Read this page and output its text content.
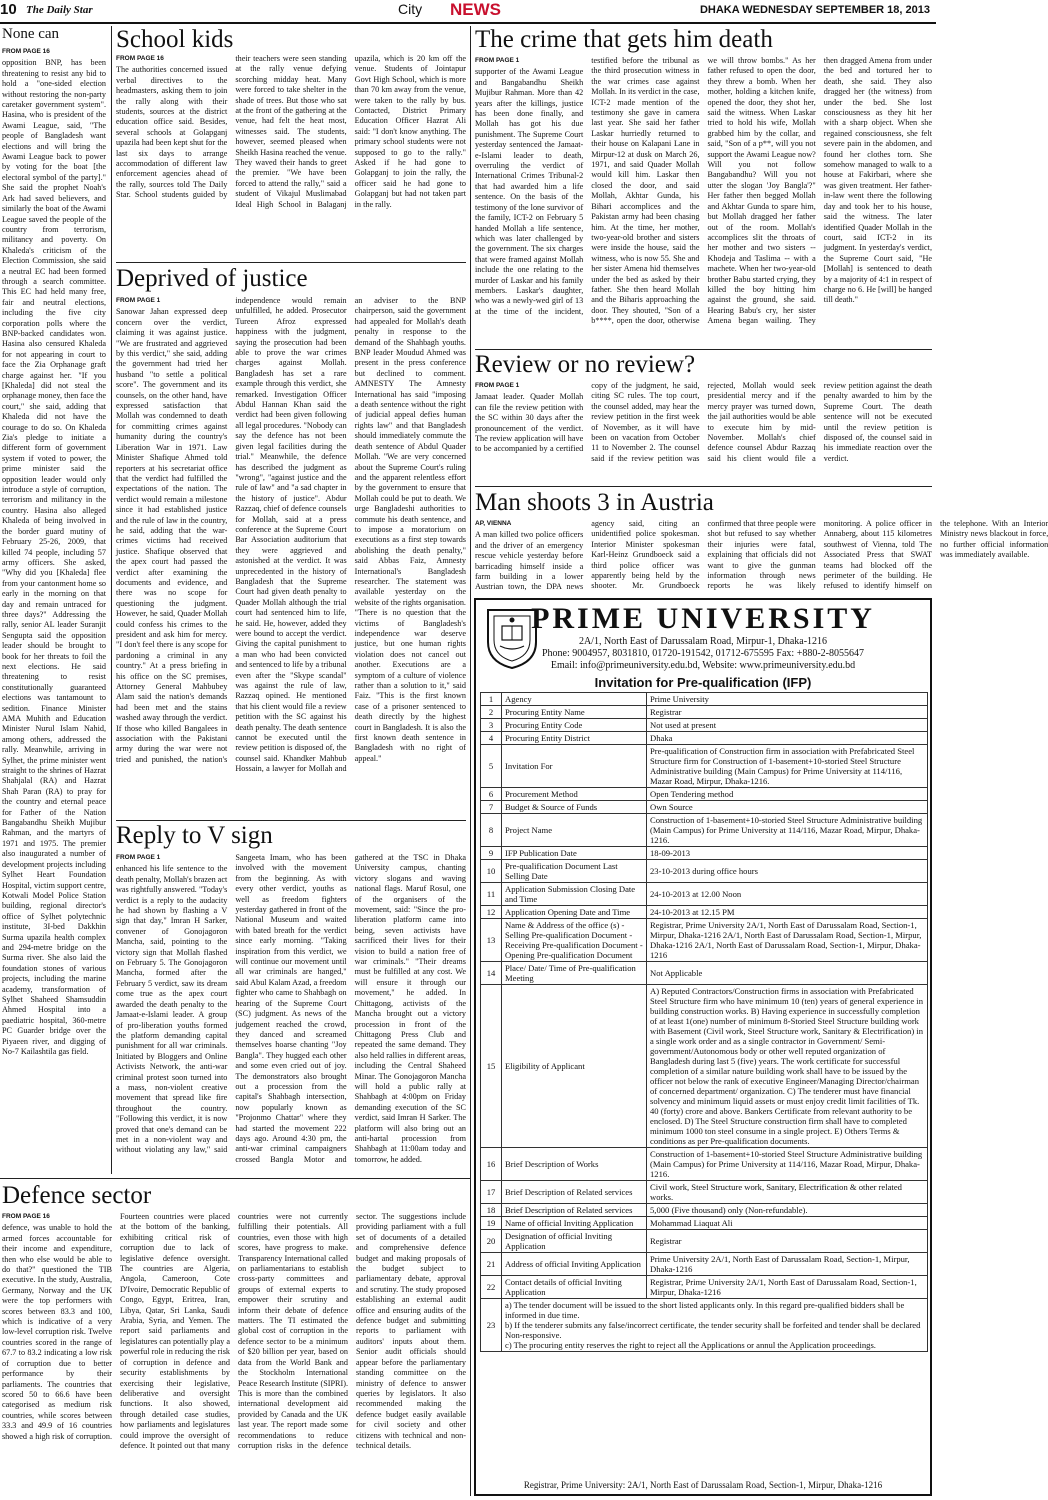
10 The Daily Star	City NEWS	DHAKA WEDNESDAY SEPTEMBER 18, 2013
None can
FROM PAGE 16
opposition BNP, has been threatening to resist any bid to hold a "one-sided election without restoring the non-party caretaker government system". Hasina, who is president of the Awami League, said, "The people of Bangladesh want elections and will bring the Awami League back to power by voting for the boat [the electoral symbol of the party]." She said the prophet Noah's Ark had saved believers, and similarly the boat of the Awami League saved the people of the country from terrorism, militancy and poverty. On Khaleda's criticism of the Election Commission, she said a neutral EC had been formed through a search committee. This EC had held many free, fair and neutral elections, including the five city corporation polls where the BNP-backed candidates won. Hasina also censured Khaleda for not appearing in court to face the Zia Orphanage graft charge against her. "If you [Khaleda] did not steal the orphanage money, then face the court," she said, adding that Khaleda did not have the courage to do so. On Khaleda Zia's pledge to initiate a different form of government system if voted to power, the prime minister said the opposition leader would only introduce a style of corruption, terrorism and militancy in the country. Hasina also alleged Khaleda of being involved in the border guard mutiny of February 25-26, 2009, that killed 74 people, including 57 army officers. She asked, "Why did you [Khaleda] flee from your cantonment home so early in the morning on that day and remain untraced for three days?" Addressing the rally, senior AL leader Suranjit Sengupta said the opposition leader should be brought to book for her threats to foil the next elections. He said threatening to resist constitutionally guaranteed elections was tantamount to sedition. Finance Minister AMA Muhith and Education Minister Nurul Islam Nahid, among others, addressed the rally. Meanwhile, arriving in Sylhet, the prime minister went straight to the shrines of Hazrat Shahjalal (RA) and Hazrat Shah Paran (RA) to pray for the country and eternal peace for Father of the Nation Bangabandhu Sheikh Mujibur Rahman, and the martyrs of 1971 and 1975. The premier also inaugurated a number of development projects including Sylhet Heart Foundation Hospital, victim support centre, Kotwali Model Police Station building, regional director's office of Sylhet polytechnic institute, 3I-bed Dakkhin Surma upazila health complex and 294-metre bridge on the Surma river. She also laid the foundation stones of various projects, including the marine academy, transformation of Sylhet Shaheed Shamsuddin Ahmed Hospital into a paediatric hospital, 360-metre PC Guarder bridge over the Piyaeen river, and digging of No-7 Kailashtila gas field.
School kids
FROM PAGE 16
The authorities concerned issued verbal directives to the headmasters, asking them to join the rally along with their students, sources at the district education office said. Besides, several schools at Golapganj upazila had been kept shut for the last six days to arrange accommodation of different law enforcement agencies ahead of the rally, sources told The Daily Star. School students guided by their teachers were seen standing at the rally venue defying scorching midday heat. Many were forced to take shelter in the shade of trees. But those who sat at the front of the gathering at the venue, had felt the heat most, witnesses said. The students, however, seemed pleased when Sheikh Hasina reached the venue. They waved their hands to greet the premier. "We have been forced to attend the rally," said a student of Vikajul Muslimabad Ideal High School in Balaganj upazila, which is 20 km off the venue. Students of Jointapur Govt High School, which is more than 70 km away from the venue, were taken to the rally by bus. Contacted, District Primary Education Officer Hazrat Ali said: "I don't know anything. The primary school students were not supposed to go to the rally." Asked if he had gone to Golapganj to join the rally, the officer said he had gone to Golapganj but had not taken part in the rally.
Deprived of justice
FROM PAGE 1
Sanowar Jahan expressed deep concern over the verdict, claiming it was against justice. "We are frustrated and aggrieved by this verdict," she said, adding the government had tried her husband "to settle a political score". The government and its counsels, on the other hand, have expressed satisfaction that Mollah was condemned to death for committing crimes against humanity during the country's Liberation War in 1971. Law Minister Shafique Ahmed told reporters at his secretariat office that the verdict had fulfilled the expectations of the nation. The verdict would remain a milestone since it had established justice and the rule of law in the country, he said, adding that the war-crimes victims had received justice. Shafique observed that the apex court had passed the verdict after examining the documents and evidence, and there was no scope for questioning the judgment. However, he said, Quader Mollah could confess his crimes to the president and ask him for mercy. "I don't feel there is any scope for pardoning a criminal in any country." At a press briefing in his office on the SC premises, Attorney General Mahbubey Alam said the nation's demands had been met and the stains washed away through the verdict. If those who killed Bangalees in association with the Pakistani army during the war were not tried and punished, the nation's independence would remain unfulfilled, he added. Prosecutor Tureen Afroz expressed happiness with the judgment, saying the prosecution had been able to prove the war crimes charges against Mollah. Bangladesh has set a rare example through this verdict, she remarked. Investigation Officer Abdul Hannan Khan said the verdict had been given following all legal procedures. "Nobody can say the defence has not been given legal facilities during the trial." Meanwhile, the defence has described the judgment as "wrong", "against justice and the rule of law" and "a sad chapter in the history of justice". Abdur Razzaq, chief of defence counsels for Mollah, said at a press conference at the Supreme Court Bar Association auditorium that they were aggrieved and astonished at the verdict. It was unprecedented in the history of Bangladesh that the Supreme Court had given death penalty to Quader Mollah although the trial court had sentenced him to life, he said. He, however, added they were bound to accept the verdict. Giving the capital punishment to a man who had been convicted and sentenced to life by a tribunal even after the "Skype scandal" was against the rule of law, Razzaq opined. He mentioned that his client would file a review petition with the SC against his death penalty. The death sentence cannot be executed until the review petition is disposed of, the counsel said. Khandker Mahbub Hossain, a lawyer for Mollah and an adviser to the BNP chairperson, said the government had appealed for Mollah's death penalty in response to the demand of the Shahbagh youths. BNP leader Moudud Ahmed was present in the press conference but declined to comment. AMNESTY The Amnesty International has said "imposing a death sentence without the right of judicial appeal defies human rights law" and that Bangladesh should immediately commute the death sentence of Abdul Quader Mollah. "We are very concerned about the Supreme Court's ruling and the apparent relentless effort by the government to ensure that Mollah could be put to death. We urge Bangladeshi authorities to commute his death sentence, and to impose a moratorium on executions as a first step towards abolishing the death penalty," said Abbas Faiz, Amnesty International's Bangladesh researcher. The statement was available yesterday on the website of the rights organisation. "There is no question that the victims of Bangladesh's independence war deserve justice, but one human rights violation does not cancel out another. Executions are a symptom of a culture of violence rather than a solution to it," said Faiz. "This is the first known case of a prisoner sentenced to death directly by the highest court in Bangladesh. It is also the first known death sentence in Bangladesh with no right of appeal."
Reply to V sign
FROM PAGE 1
enhanced his life sentence to the death penalty, Mollah's brazen act was rightfully answered. "Today's verdict is a reply to the audacity he had shown by flashing a V sign that day," Imran H Sarker, convener of Gonojagoron Mancha, said, pointing to the victory sign that Mollah flashed on February 5. The Gonojagoron Mancha, formed after the February 5 verdict, saw its dream come true as the apex court awarded the death penalty to the Jamaat-e-Islami leader. A group of pro-liberation youths formed the platform demanding capital punishment for all war criminals. Initiated by Bloggers and Online Activists Network, the anti-war criminal protest soon turned into a mass, non-violent creative movement that spread like fire throughout the country. "Following this verdict, it is now proved that one's demand can be met in a non-violent way and without violating any law," said Sangeeta Imam, who has been involved with the movement from the beginning. As with every other verdict, youths as well as freedom fighters yesterday gathered in front of the National Museum and waited with bated breath for the verdict since early morning. "Taking inspiration from this verdict, we will continue our movement until all war criminals are hanged," said Abul Kalam Azad, a freedom fighter who came to Shahbagh on hearing of the Supreme Court (SC) judgment. As news of the judgement reached the crowd, they danced and screamed themselves hoarse chanting "Joy Bangla". They hugged each other and some even cried out of joy. The demonstrators also brought out a procession from the capital's Shahbagh intersection, now popularly known as "Projonmo Chattar" where they had started the movement 222 days ago. Around 4:30 pm, the anti-war criminal campaigners crossed Bangla Motor and gathered at the TSC in Dhaka University campus, chanting victory slogans and waving national flags. Maruf Rosul, one of the organisers of the movement, said: "Since the pro-liberation platform came into being, seven activists have sacrificed their lives for their vision to build a nation free of war criminals." "Their dreams must be fulfilled at any cost. We will ensure it through our movement," he added. In Chittagong, activists of the Mancha brought out a victory procession in front of the Chittagong Press Club and repeated the same demand. They also held rallies in different areas, including the Central Shaheed Minar. The Gonojagoron Mancha will hold a public rally at Shahbagh at 4:00pm on Friday demanding execution of the SC verdict, said Imran H Sarker. The platform will also bring out an anti-hartal procession from Shahbagh at 11:00am today and tomorrow, he added.
Defence sector
FROM PAGE 16
defence, was unable to hold the armed forces accountable for their income and expenditure, then who else would be able to do that?" questioned the TIB executive. In the study, Australia, Germany, Norway and the UK were the top performers with scores between 83.3 and 100, which is indicative of a very low-level corruption risk. Twelve countries scored in the range of 67.7 to 83.2 indicating a low risk of corruption due to better performance by their parliaments. The countries that scored 50 to 66.6 have been categorised as medium risk countries, while scores between 33.3 and 49.9 of 16 countries showed a high risk of corruption. Fourteen countries were placed at the bottom of the banking, exhibiting critical risk of corruption due to lack of legislative defence oversight. The countries are Algeria, Angola, Cameroon, Cote D'Ivoire, Democratic Republic of Congo, Egypt, Eritrea, Iran, Libya, Qatar, Sri Lanka, Saudi Arabia, Syria, and Yemen. The report said parliaments and legislatures can potentially play a powerful role in reducing the risk of corruption in defence and security establishments by exercising their legislative, deliberative and oversight functions. It also showed, through detailed case studies, how parliaments and legislatures could improve the oversight of defence. It pointed out that many countries were not currently fulfilling their potentials. All countries, even those with high scores, have progress to make. Transparency International called on parliamentarians to establish cross-party committees and groups of external experts to empower their scrutiny and inform their debate of defence matters. The TI estimated the global cost of corruption in the defence sector to be a minimum of $20 billion per year, based on data from the World Bank and the Stockholm International Peace Research Institute (SIPRI). This is more than the combined international development aid provided by Canada and the UK last year. The report made some recommendations to reduce corruption risks in the defence sector. The suggestions include providing parliament with a full set of documents of a detailed and comprehensive defence budget and making proposals of the budget subject to parliamentary debate, approval and scrutiny. The study proposed establishing an external audit office and ensuring audits of the defence budget and submitting reports to parliament with auditors' inputs about them. Senior audit officials should appear before the parliamentary standing committee on the ministry of defence to answer queries by legislators. It also recommended making the defence budget easily available for civil society and other citizens with technical and non-technical details.
The crime that gets him death
FROM PAGE 1
supporter of the Awami League and Bangabandhu Sheikh Mujibur Rahman. More than 42 years after the killings, justice has been done finally, and Mollah has got his due punishment. The Supreme Court yesterday sentenced the Jamaat-e-Islami leader to death, overruling the verdict of International Crimes Tribunal-2 that had awarded him a life sentence. On the basis of the testimony of the lone survivor of the family, ICT-2 on February 5 handed Mollah a life sentence, which was later challenged by the government. The six charges that were framed against Mollah include the one relating to the murder of Laskar and his family members. Laskar's daughter, who was a newly-wed girl of 13 at the time of the incident, testified before the tribunal as the third prosecution witness in the war crimes case against Mollah. In its verdict in the case, ICT-2 made mention of the testimony she gave in camera last year. She said her father Laskar hurriedly returned to their house on Kalapani Lane in Mirpur-12 at dusk on March 26, 1971, and said Quader Mollah would kill him. Laskar then closed the door, and said Mollah, Akhtar Gunda, his Bihari accomplices and the Pakistan army had been chasing him. At the time, her mother, two-year-old brother and sisters were inside the house, said the witness, who is now 55. She and her sister Amena hid themselves under the bed as asked by their father. She then heard Mollah and the Biharis approaching the door. They shouted, "Son of a b****, open the door, otherwise we will throw bombs." As her father refused to open the door, they threw a bomb. When her mother, holding a kitchen knife, opened the door, they shot her, said the witness. When Laskar tried to hold his wife, Mollah grabbed him by the collar, and said, "Son of a p**, will you not support the Awami League now? Will you not follow Bangabandhu? Will you not utter the slogan 'Joy Bangla'?" Her father then begged Mollah and Akhtar Gunda to spare him, but Mollah dragged her father out of the room. Mollah's accomplices slit the throats of her mother and two sisters -- Khodeja and Taslima -- with a machete. When her two-year-old brother Babu started crying, they killed the boy hitting him against the ground, she said. Hearing Babu's cry, her sister Amena began wailing. They then dragged Amena from under the bed and tortured her to death, she said. They also dragged her (the witness) from under the bed. She lost consciousness as they hit her with a sharp object. When she regained consciousness, she felt severe pain in the abdomen, and found her clothes torn. She somehow managed to walk to a house at Fakirbari, where she was given treatment. Her father-in-law went there the following day and took her to his house, said the witness. The later identified Quader Mollah in the court, said ICT-2 in its judgment. In yesterday's verdict, the Supreme Court said, "He [Mollah] is sentenced to death by a majority of 4:1 in respect of charge no 6. He [will] be hanged till death."
Review or no review?
FROM PAGE 1
Jamaat leader. Quader Mollah can file the review petition with the SC within 30 days after the pronouncement of the verdict. The review application will have to be accompanied by a certified copy of the judgment, he said, citing SC rules. The top court, the counsel added, may hear the review petition in the first week of November, as it will have been on vacation from October 11 to November 2. The counsel said if the review petition was rejected, Mollah would seek presidential mercy and if the mercy prayer was turned down, the jail authorities would be able to execute him by mid-November. Mollah's chief defence counsel Abdur Razzaq said his client would file a review petition against the death penalty awarded to him by the Supreme Court. The death sentence will not be executed until the review petition is disposed of, the counsel said in his immediate reaction over the verdict.
Man shoots 3 in Austria
AP, VIENNA
A man killed two police officers and the driver of an emergency rescue vehicle yesterday before barricading himself inside a farm building in a lower Austrian town, the DPA news agency said, citing an unidentified police spokesman. Interior Minister spokesman Karl-Heinz Grundboeck said a third police officer was apparently being held by the shooter. Mr. Grundboeck confirmed that three people were shot but refused to say whether their injuries were fatal, explaining that officials did not want to give the gunman information through news reports he was likely monitoring. A police officer in Annaberg, about 115 kilometres southwest of Vienna, told The Associated Press that SWAT teams had blocked off the perimeter of the building. He refused to identify himself on the telephone. With an Interior Ministry news blackout in force, no further official information was immediately available.
PRIME UNIVERSITY
2A/1, North East of Darussalam Road, Mirpur-1, Dhaka-1216
Phone: 9004957, 8031810, 01720-191542, 01712-675595 Fax: +880-2-8055647
Email: info@primeuniversity.edu.bd, Website: www.primeuniversity.edu.bd
Invitation for Pre-qualification (IFP)
1	Agency	Prime University
2	Procuring Entity Name	Registrar
3	Procuring Entity Code	Not used at present
4	Procuring Entity District	Dhaka
5	Invitation For	Pre-qualification of Construction firm in association with Prefabricated Steel Structure firm for Construction of 1-basement+10-storied Steel Structure Administrative building (Main Campus) for Prime University at 114/116, Mazar Road, Mirpur, Dhaka-1216.
6	Procurement Method	Open Tendering method
7	Budget & Source of Funds	Own Source
8	Project Name	Construction of 1-basement+10-storied Steel Structure Administrative building (Main Campus) for Prime University at 114/116, Mazar Road, Mirpur, Dhaka-1216.
9	IFP Publication Date	18-09-2013
10	Pre-qualification Document Last Selling Date	23-10-2013 during office hours
11	Application Submission Closing Date and Time	24-10-2013 at 12.00 Noon
12	Application Opening Date and Time	24-10-2013 at 12.15 PM
13	Name & Address of the office (s) -Selling Pre-qualification Document -Receiving Pre-qualification Document -Opening Pre-qualification Document	Registrar, Prime University 2A/1, North East of Darussalam Road, Section-1, Mirpur, Dhaka-1216 2A/1, North East of Darussalam Road, Section-1, Mirpur, Dhaka-1216 2A/1, North East of Darussalam Road, Section-1, Mirpur, Dhaka-1216
14	Place/ Date/ Time of Pre-qualification Meeting	Not Applicable
15	Eligibility of Applicant	A) Reputed Contractors/Construction firms in association with Prefabricated Steel Structure firm who have minimum 10 (ten) years of general experience in building construction works. B) Having experience in successfully completion of at least 1(one) number of minimum 8-Storied Steel Structure building work with Basement (Civil work, Steel Structure work, Sanitary & Electrification) in a single work order and as a single contractor in Government/ Semi-government/Autonomous body or other well reputed organization of Bangladesh during last 5 (five) years. The work certificate for successful completion of a similar nature building work shall have to be issued by the officer not below the rank of executive Engineer/Managing Director/chairman of concerned department/ organization. C) The tenderer must have financial solvency and minimum liquid assets or must enjoy credit limit facilities of Tk. 40 (forty) crore and above. Bankers Certificate from relevant authority to be enclosed. D) The Steel Structure construction firm shall have to completed minimum 1000 ton steel consume in a single project. E) Others Terms & conditions as per Pre-qualification documents.
16	Brief Description of Works	Construction of 1-basement+10-storied Steel Structure Administrative building (Main Campus) for Prime University at 114/116, Mazar Road, Mirpur, Dhaka-1216.
17	Brief Description of Related services	Civil work, Steel Structure work, Sanitary, Electrification & other related works.
18	Brief Description of Related services	5,000 (Five thousand) only (Non-refundable).
19	Name of official Inviting Application	Mohammad Liaquat Ali
20	Designation of official Inviting Application	Registrar
21	Address of official Inviting Application	Prime University 2A/1, North East of Darussalam Road, Section-1, Mirpur, Dhaka-1216
22	Contact details of official Inviting Application	Registrar, Prime University 2A/1, North East of Darussalam Road, Section-1, Mirpur, Dhaka-1216
23	a) The tender document will be issued to the short listed applicants only. In this regard pre-qualified bidders shall be informed in due time.
b) If the tenderer submits any false/incorrect certificate, the tender security shall be forfeited and tender shall be declared Non-responsive.
c) The procuring entity reserves the right to reject all the Applications or annul the Application proceedings.	
Registrar, Prime University: 2A/1, North East of Darussalam Road, Section-1, Mirpur, Dhaka-1216
